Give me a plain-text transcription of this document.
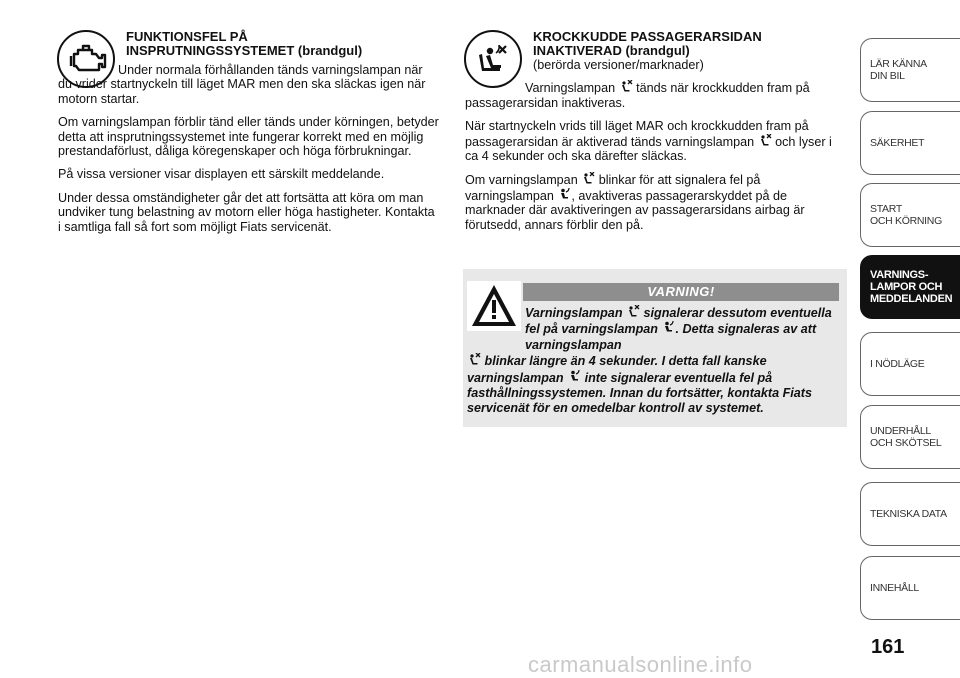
FUNKTIONSFEL PÅ
INSPRUTNINGSSYSTEMET (brandgul)

Under normala förhållanden tänds varningslampan när du vrider startnyckeln till läget MAR men den ska släckas igen när motorn startar.

Om varningslampan förblir tänd eller tänds under körningen, betyder detta att insprutningssystemet inte fungerar korrekt med en möjlig prestandaförlust, dåliga köregenskaper och höga förbrukningar.

På vissa versioner visar displayen ett särskilt meddelande.

Under dessa omständigheter går det att fortsätta att köra om man undviker tung belastning av motorn eller höga hastigheter. Kontakta i samtliga fall så fort som möjligt Fiats servicenät.

KROCKKUDDE PASSAGERARSIDAN
INAKTIVERAD (brandgul)
(berörda versioner/marknader)

Varningslampan tänds när krockkudden fram på passagerarsidan inaktiveras.

När startnyckeln vrids till läget MAR och krockkudden fram på passagerarsidan är aktiverad tänds varningslampan och lyser i ca 4 sekunder och ska därefter släckas.

Om varningslampan blinkar för att signalera fel på varningslampan , avaktiveras passagerarskyddet på de marknader där avaktiveringen av passagerarsidans airbag är förutsedd, annars förblir den på.

VARNING!
Varningslampan signalerar dessutom eventuella fel på varningslampan . Detta signaleras av att varningslampan
blinkar längre än 4 sekunder. I detta fall kanske varningslampan inte signalerar eventuella fel på fasthållningssystemen. Innan du fortsätter, kontakta Fiats servicenät för en omedelbar kontroll av systemet.
LÄR KÄNNA
DIN BIL
SÄKERHET
START
OCH KÖRNING
VARNINGS-
LAMPOR OCH
MEDDELANDEN
I NÖDLÄGE
UNDERHÅLL
OCH SKÖTSEL
TEKNISKA DATA
INNEHÅLL
161
carmanualsonline.info
